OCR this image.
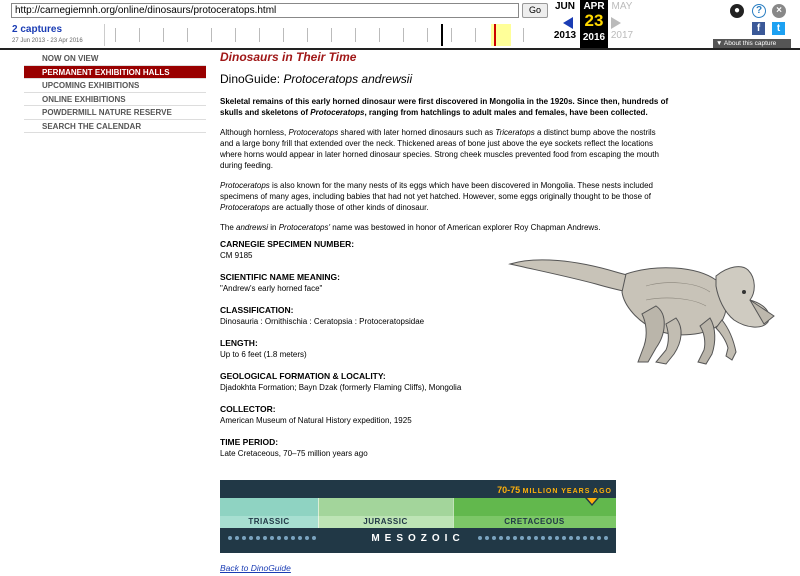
http://carnegiemnh.org/online/dinosaurs/protoceratops.html	Go
2 captures
27 Jun 2013 - 23 Apr 2016
JUN
2013
APR
23
2016
MAY
2017
●	?	×
f	t
▼ About this capture
NOW ON VIEW
PERMANENT EXHIBITION HALLS
UPCOMING EXHIBITIONS
ONLINE EXHIBITIONS
POWDERMILL NATURE RESERVE
SEARCH THE CALENDAR
Dinosaurs in Their Time
DinoGuide: Protoceratops andrewsii
Skeletal remains of this early horned dinosaur were first discovered in Mongolia in the 1920s. Since then, hundreds of skulls and skeletons of Protoceratops, ranging from hatchlings to adult males and females, have been collected.
Although hornless, Protoceratops shared with later horned dinosaurs such as Triceratops a distinct bump above the nostrils and a large bony frill that extended over the neck. Thickened areas of bone just above the eye sockets reflect the locations where horns would appear in later horned dinosaur species. Strong cheek muscles prevented food from escaping the mouth during feeding.
Protoceratops is also known for the many nests of its eggs which have been discovered in Mongolia. These nests included specimens of many ages, including babies that had not yet hatched. However, some eggs originally thought to be those of Protoceratops are actually those of other kinds of dinosaur.
The andrewsi in Protoceratops' name was bestowed in honor of American explorer Roy Chapman Andrews.
CARNEGIE SPECIMEN NUMBER:
CM 9185
SCIENTIFIC NAME MEANING:
"Andrew's early horned face"
CLASSIFICATION:
Dinosauria : Ornithischia : Ceratopsia : Protoceratopsidae
LENGTH:
Up to 6 feet (1.8 meters)
GEOLOGICAL FORMATION & LOCALITY:
Djadokhta Formation; Bayn Dzak (formerly Flaming Cliffs), Mongolia
COLLECTOR:
American Museum of Natural History expedition, 1925
TIME PERIOD:
Late Cretaceous, 70–75 million years ago
70-75 MILLION YEARS AGO
TRIASSIC	JURASSIC	CRETACEOUS
MESOZOIC
Back to DinoGuide
